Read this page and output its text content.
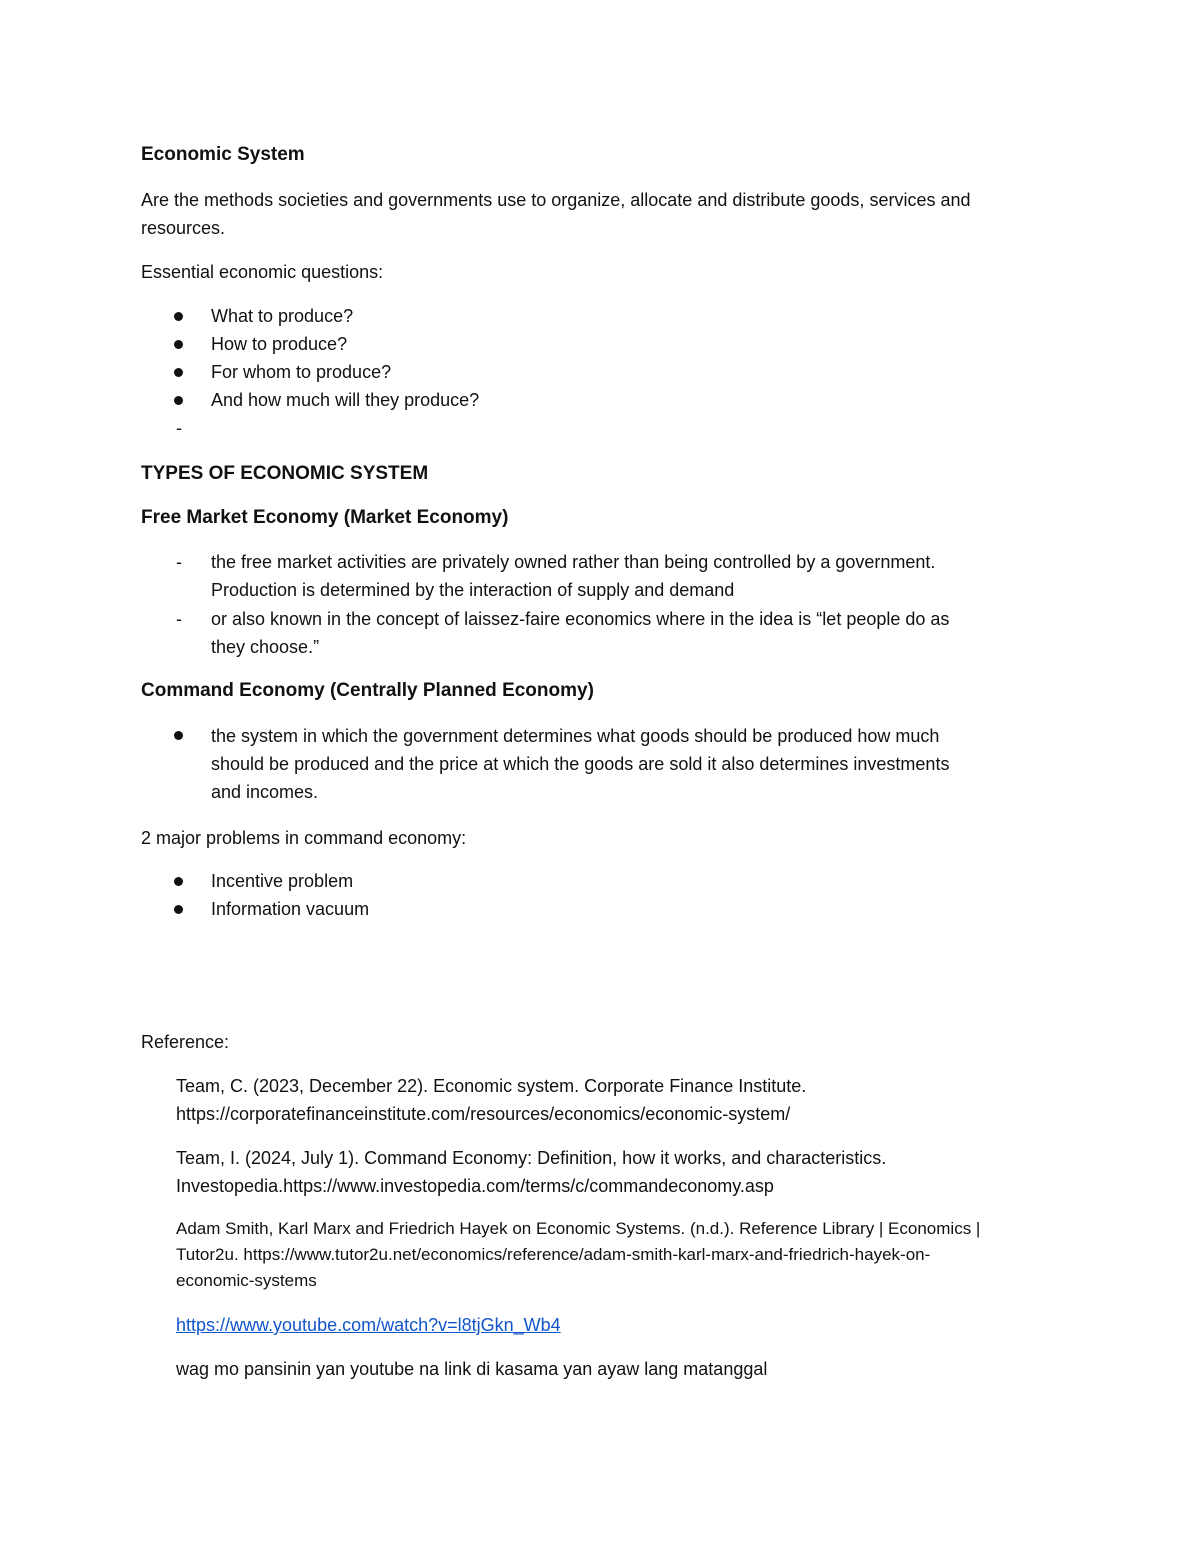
Economic System
Are the methods societies and governments use to organize, allocate and distribute goods, services and
resources.
Essential economic questions:
What to produce?
How to produce?
For whom to produce?
And how much will they produce?
-
TYPES OF ECONOMIC SYSTEM
Free Market Economy (Market Economy)
- the free market activities are privately owned rather than being controlled by a government.
Production is determined by the interaction of supply and demand
- or also known in the concept of laissez-faire economics where in the idea is “let people do as
they choose.”
Command Economy (Centrally Planned Economy)
the system in which the government determines what goods should be produced how much
should be produced and the price at which the goods are sold it also determines investments
and incomes.
2 major problems in command economy:
Incentive problem
Information vacuum
Reference:
Team, C. (2023, December 22). Economic system. Corporate Finance Institute.
https://corporatefinanceinstitute.com/resources/economics/economic-system/
Team, I. (2024, July 1). Command Economy: Definition, how it works, and characteristics.
Investopedia.https://www.investopedia.com/terms/c/commandeconomy.asp
Adam Smith, Karl Marx and Friedrich Hayek on Economic Systems. (n.d.). Reference Library | Economics |
Tutor2u. https://www.tutor2u.net/economics/reference/adam-smith-karl-marx-and-friedrich-hayek-on-
economic-systems
https://www.youtube.com/watch?v=l8tjGkn_Wb4
wag mo pansinin yan youtube na link di kasama yan ayaw lang matanggal
